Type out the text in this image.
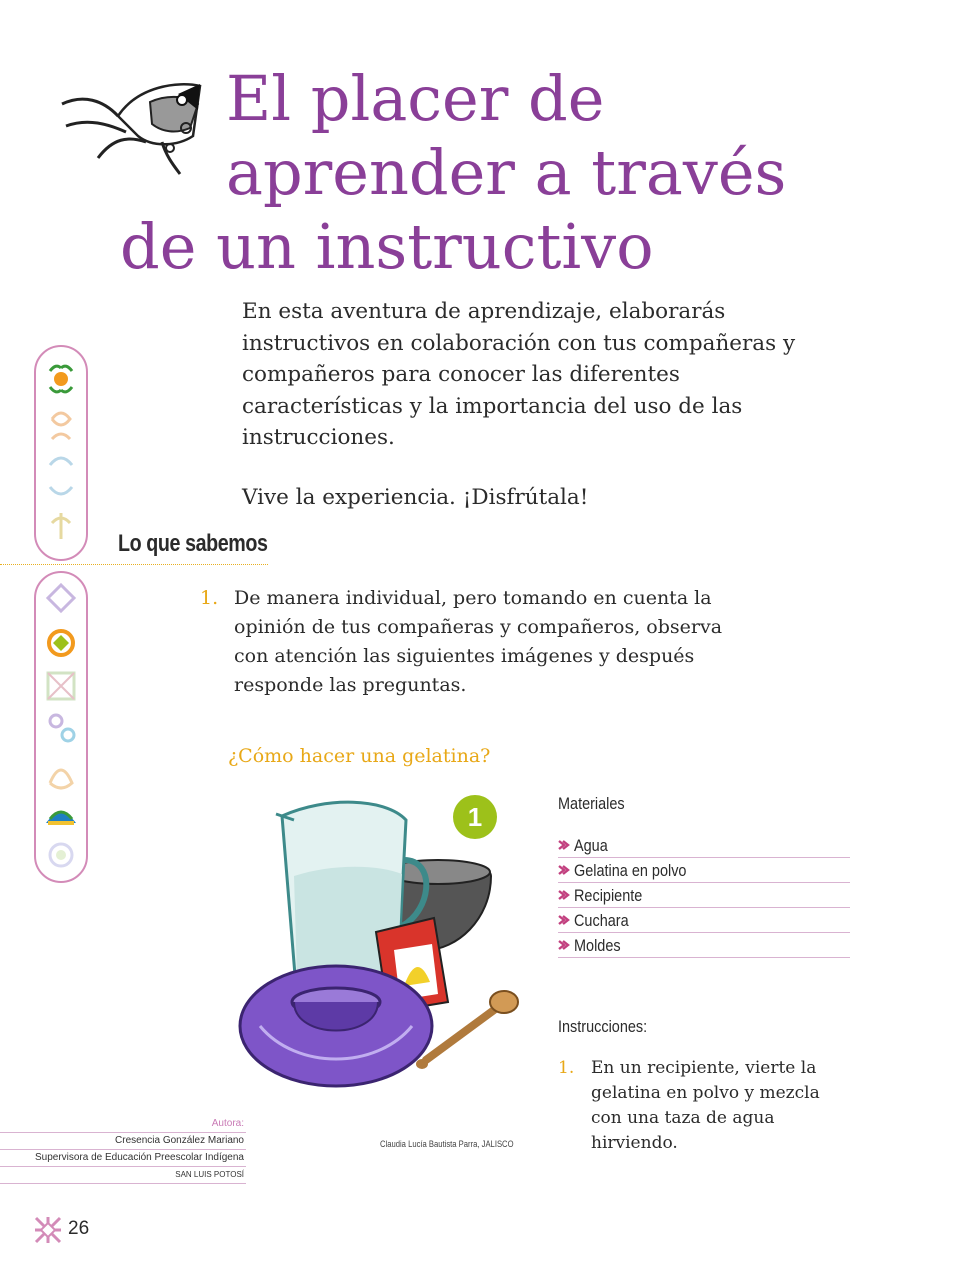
El placer de
aprender a través
de un instructivo

En esta aventura de aprendizaje, elaborarás instructivos en colaboración con tus compañeras y compañeros para conocer las diferentes características y la importancia del uso de las instrucciones.

Vive la experiencia. ¡Disfrútala!

Lo que sabemos
1. De manera individual, pero tomando en cuenta la opinión de tus compañeras y compañeros, observa con atención las siguientes imágenes y después responde las preguntas.
¿Cómo hacer una gelatina?
1	Materiales
Agua
Gelatina en polvo
Recipiente
Cuchara
Moldes
Instrucciones:
1. En un recipiente, vierte la gelatina en polvo y mezcla con una taza de agua hirviendo.
Claudia Lucía Bautista Parra, JALISCO
Autora:
Cresencia González Mariano
Supervisora de Educación Preescolar Indígena
SAN LUIS POTOSÍ
26
